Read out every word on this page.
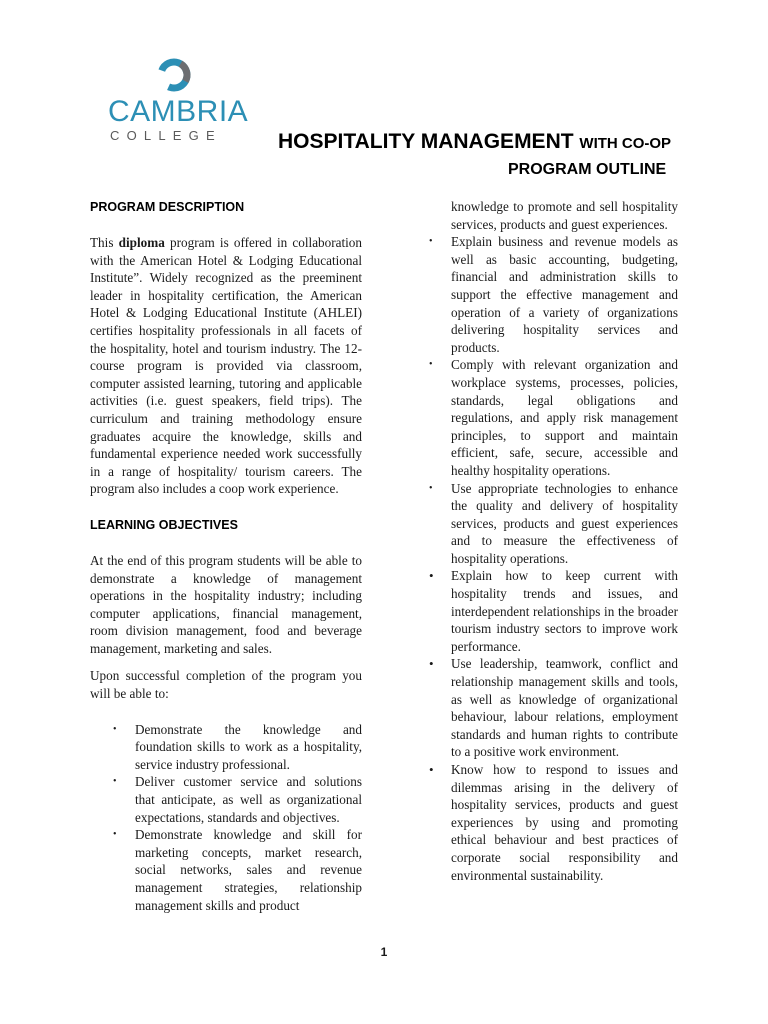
CAMBRIA
COLLEGE	HOSPITALITY MANAGEMENT WITH CO-OP
PROGRAM OUTLINE
PROGRAM DESCRIPTION

This diploma program is offered in collaboration with the American Hotel & Lodging Educational Institute”. Widely recognized as the preeminent leader in hospitality certification, the American Hotel & Lodging Educational Institute (AHLEI) certifies hospitality professionals in all facets of the hospitality, hotel and tourism industry. The 12-course program is provided via classroom, computer assisted learning, tutoring and applicable activities (i.e. guest speakers, field trips). The curriculum and training methodology ensure graduates acquire the knowledge, skills and fundamental experience needed work successfully in a range of hospitality/ tourism careers. The program also includes a coop work experience.

LEARNING OBJECTIVES

At the end of this program students will be able to demonstrate a knowledge of management operations in the hospitality industry; including computer applications, financial management, room division management, food and beverage management, marketing and sales.

Upon successful completion of the program you will be able to:

• Demonstrate the knowledge and foundation skills to work as a hospitality, service industry professional.
• Deliver customer service and solutions that anticipate, as well as organizational expectations, standards and objectives.
• Demonstrate knowledge and skill for marketing concepts, market research, social networks, sales and revenue management strategies, relationship management skills and product
knowledge to promote and sell hospitality services, products and guest experiences.
• Explain business and revenue models as well as basic accounting, budgeting, financial and administration skills to support the effective management and operation of a variety of organizations delivering hospitality services and products.
• Comply with relevant organization and workplace systems, processes, policies, standards, legal obligations and regulations, and apply risk management principles, to support and maintain efficient, safe, secure, accessible and healthy hospitality operations.
• Use appropriate technologies to enhance the quality and delivery of hospitality services, products and guest experiences and to measure the effectiveness of hospitality operations.
• Explain how to keep current with hospitality trends and issues, and interdependent relationships in the broader tourism industry sectors to improve work performance.
• Use leadership, teamwork, conflict and relationship management skills and tools, as well as knowledge of organizational behaviour, labour relations, employment standards and human rights to contribute to a positive work environment.
• Know how to respond to issues and dilemmas arising in the delivery of hospitality services, products and guest experiences by using and promoting ethical behaviour and best practices of corporate social responsibility and environmental sustainability.
1
